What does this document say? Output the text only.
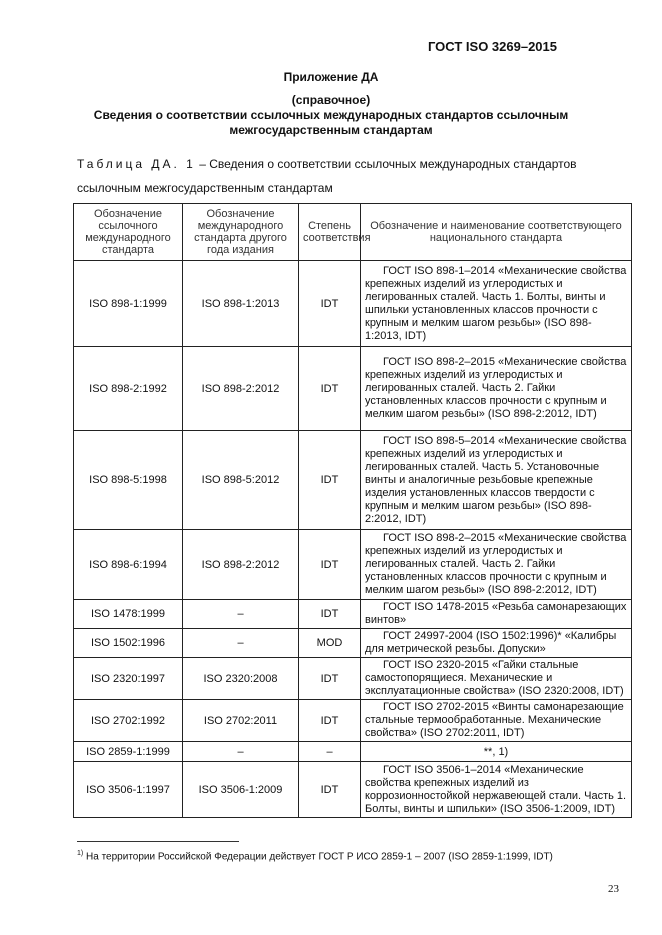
ГОСТ ISO 3269–2015
Приложение ДА
(справочное)
Сведения о соответствии ссылочных международных стандартов ссылочным
межгосударственным стандартам
Таблица ДА. 1 – Сведения о соответствии ссылочных международных стандартов ссылочным межгосударственным стандартам
Обозначение ссылочного международного стандарта	Обозначение международного стандарта другого года издания	Степень соответствия	Обозначение и наименование соответствующего национального стандарта
ISO 898-1:1999	ISO 898-1:2013	IDT	ГОСТ ISO 898-1–2014 «Механические свойства крепежных изделий из углеродистых и легированных сталей. Часть 1. Болты, винты и шпильки установленных классов прочности с крупным и мелким шагом резьбы» (ISO 898-1:2013, IDT)

ISO 898-2:1992	ISO 898-2:2012	IDT	ГОСТ ISO 898-2–2015 «Механические свойства крепежных изделий из углеродистых и легированных сталей. Часть 2. Гайки установленных классов прочности с крупным и мелким шагом резьбы» (ISO 898-2:2012, IDT)

ISO 898-5:1998	ISO 898-5:2012	IDT	ГОСТ ISO 898-5–2014 «Механические свойства крепежных изделий из углеродистых и легированных сталей. Часть 5. Установочные винты и аналогичные резьбовые крепежные изделия установленных классов твердости с крупным и мелким шагом резьбы» (ISO 898-2:2012, IDT)

ISO 898-6:1994	ISO 898-2:2012	IDT	ГОСТ ISO 898-2–2015 «Механические свойства крепежных изделий из углеродистых и легированных сталей. Часть 2. Гайки установленных классов прочности с крупным и мелким шагом резьбы» (ISO 898-2:2012, IDT)

ISO 1478:1999	–	IDT	ГОСТ ISO 1478-2015 «Резьба самонарезающих винтов»

ISO 1502:1996	–	MOD	ГОСТ 24997-2004 (ISO 1502:1996)* «Калибры для метрической резьбы. Допуски»

ISO 2320:1997	ISO 2320:2008	IDT	ГОСТ ISO 2320-2015 «Гайки стальные самостопорящиеся. Механические и эксплуатационные свойства» (ISO 2320:2008, IDT)

ISO 2702:1992	ISO 2702:2011	IDT	ГОСТ ISO 2702-2015 «Винты самонарезающие стальные термообработанные. Механические свойства» (ISO 2702:2011, IDT)

ISO 2859-1:1999	–	–	**, 1)
ISO 3506-1:1997	ISO 3506-1:2009	IDT	ГОСТ ISO 3506-1–2014 «Механические свойства крепежных изделий из коррозионностойкой нержавеющей стали. Часть 1. Болты, винты и шпильки» (ISO 3506-1:2009, IDT)
$^{1)}$ На территории Российской Федерации действует ГОСТ Р ИСО 2859-1 – 2007 (ISO 2859-1:1999, IDT)
23
